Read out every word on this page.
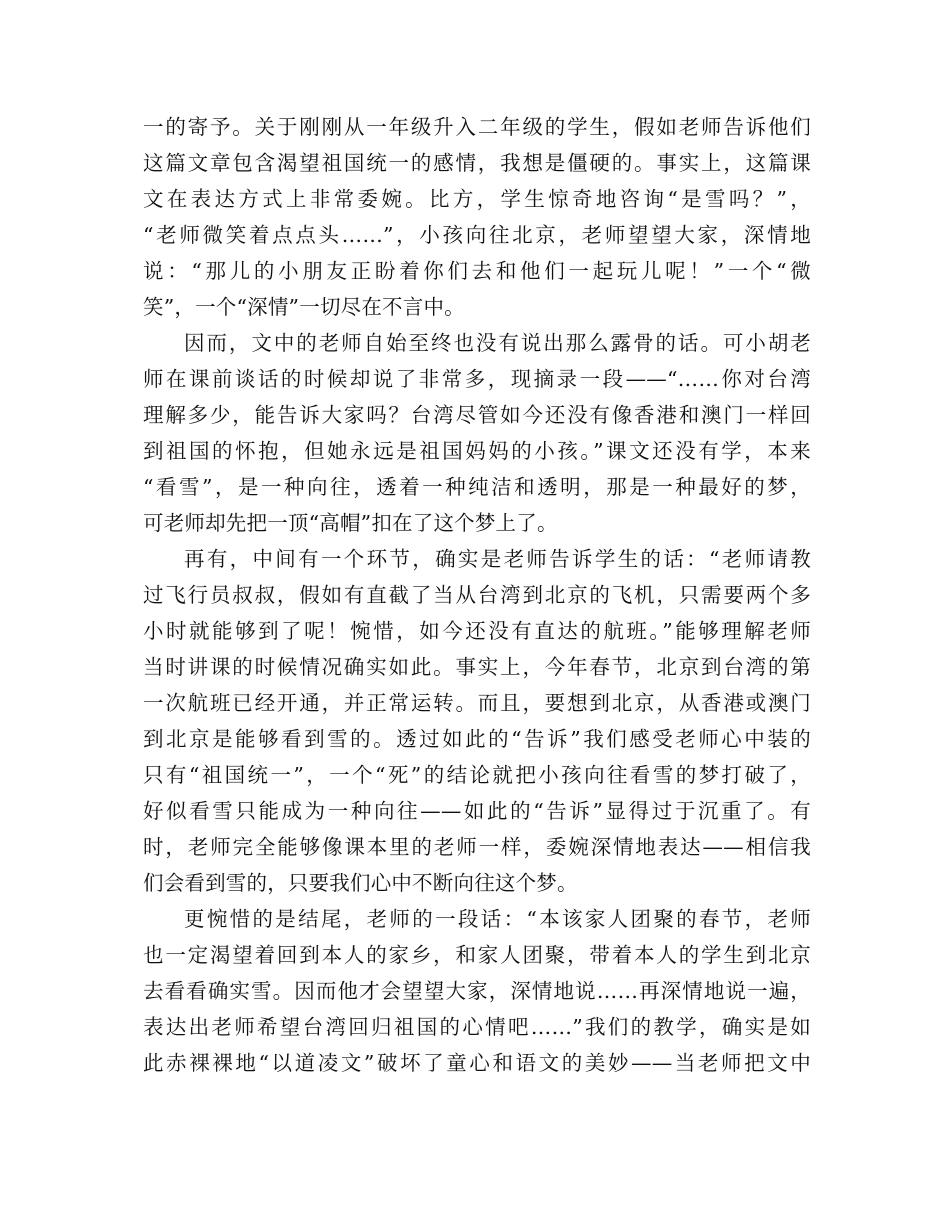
一的寄予。关于刚刚从一年级升入二年级的学生，假如老师告诉他们
这篇文章包含渴望祖国统一的感情，我想是僵硬的。事实上，这篇课
文在表达方式上非常委婉。比方，学生惊奇地咨询“是雪吗？”，
“老师微笑着点点头……”，小孩向往北京，老师望望大家，深情地
说：“那儿的小朋友正盼着你们去和他们一起玩儿呢！”一个“微
笑”，一个“深情”一切尽在不言中。
因而，文中的老师自始至终也没有说出那么露骨的话。可小胡老
师在课前谈话的时候却说了非常多，现摘录一段——“……你对台湾
理解多少，能告诉大家吗？台湾尽管如今还没有像香港和澳门一样回
到祖国的怀抱，但她永远是祖国妈妈的小孩。”课文还没有学，本来
“看雪”，是一种向往，透着一种纯洁和透明，那是一种最好的梦，
可老师却先把一顶“高帽”扣在了这个梦上了。
再有，中间有一个环节，确实是老师告诉学生的话：“老师请教
过飞行员叔叔，假如有直截了当从台湾到北京的飞机，只需要两个多
小时就能够到了呢！惋惜，如今还没有直达的航班。”能够理解老师
当时讲课的时候情况确实如此。事实上，今年春节，北京到台湾的第
一次航班已经开通，并正常运转。而且，要想到北京，从香港或澳门
到北京是能够看到雪的。透过如此的“告诉”我们感受老师心中装的
只有“祖国统一”，一个“死”的结论就把小孩向往看雪的梦打破了，
好似看雪只能成为一种向往——如此的“告诉”显得过于沉重了。有
时，老师完全能够像课本里的老师一样，委婉深情地表达——相信我
们会看到雪的，只要我们心中不断向往这个梦。
更惋惜的是结尾，老师的一段话：“本该家人团聚的春节，老师
也一定渴望着回到本人的家乡，和家人团聚，带着本人的学生到北京
去看看确实雪。因而他才会望望大家，深情地说……再深情地说一遍，
表达出老师希望台湾回归祖国的心情吧……”我们的教学，确实是如
此赤裸裸地“以道凌文”破坏了童心和语文的美妙——当老师把文中
